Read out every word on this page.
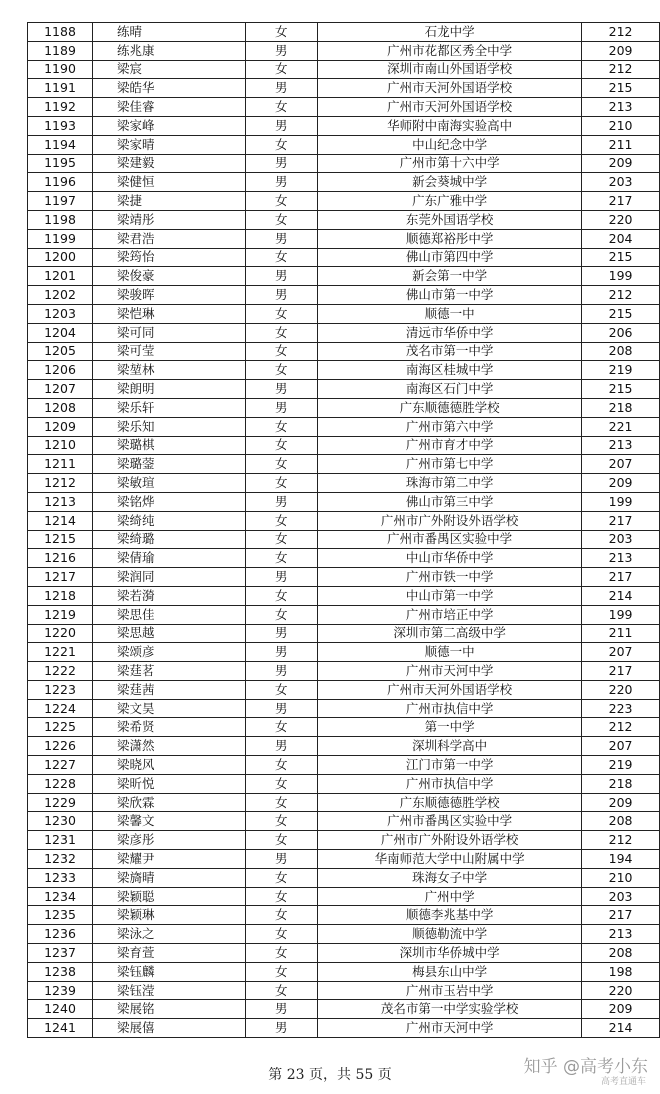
1188	练晴	女	石龙中学	212
1189	练兆康	男	广州市花都区秀全中学	209
1190	梁宸	女	深圳市南山外国语学校	212
1191	梁皓华	男	广州市天河外国语学校	215
1192	梁佳睿	女	广州市天河外国语学校	213
1193	梁家峰	男	华师附中南海实验高中	210
1194	梁家晴	女	中山纪念中学	211
1195	梁建毅	男	广州市第十六中学	209
1196	梁健恒	男	新会葵城中学	203
1197	梁捷	女	广东广雅中学	217
1198	梁靖彤	女	东莞外国语学校	220
1199	梁君浩	男	顺德郑裕彤中学	204
1200	梁筠怡	女	佛山市第四中学	215
1201	梁俊豪	男	新会第一中学	199
1202	梁骏晖	男	佛山市第一中学	212
1203	梁恺琳	女	顺德一中	215
1204	梁可同	女	清远市华侨中学	206
1205	梁可莹	女	茂名市第一中学	208
1206	梁堃林	女	南海区桂城中学	219
1207	梁朗明	男	南海区石门中学	215
1208	梁乐轩	男	广东顺德德胜学校	218
1209	梁乐知	女	广州市第六中学	221
1210	梁璐棋	女	广州市育才中学	213
1211	梁璐蓥	女	广州市第七中学	207
1212	梁敏瑄	女	珠海市第二中学	209
1213	梁铭烨	男	佛山市第三中学	199
1214	梁绮纯	女	广州市广外附设外语学校	217
1215	梁绮璐	女	广州市番禺区实验中学	203
1216	梁倩瑜	女	中山市华侨中学	213
1217	梁润同	男	广州市铁一中学	217
1218	梁若漪	女	中山市第一中学	214
1219	梁思佳	女	广州市培正中学	199
1220	梁思越	男	深圳市第二高级中学	211
1221	梁颂彦	男	顺德一中	207
1222	梁莛茗	男	广州市天河中学	217
1223	梁莛茜	女	广州市天河外国语学校	220
1224	梁文昊	男	广州市执信中学	223
1225	梁希贤	女	第一中学	212
1226	梁潇然	男	深圳科学高中	207
1227	梁晓风	女	江门市第一中学	219
1228	梁昕悦	女	广州市执信中学	218
1229	梁欣霖	女	广东顺德德胜学校	209
1230	梁馨文	女	广州市番禺区实验中学	208
1231	梁彦彤	女	广州市广外附设外语学校	212
1232	梁耀尹	男	华南师范大学中山附属中学	194
1233	梁旖晴	女	珠海女子中学	210
1234	梁颖聪	女	广州中学	203
1235	梁颖琳	女	顺德李兆基中学	217
1236	梁泳之	女	顺德勒流中学	213
1237	梁育萱	女	深圳市华侨城中学	208
1238	梁钰麟	女	梅县东山中学	198
1239	梁钰滢	女	广州市玉岩中学	220
1240	梁展铭	男	茂名市第一中学实验学校	209
1241	梁展僖	男	广州市天河中学	214
第 23 页，共 55 页	知乎 @高考小东
高考直通车
